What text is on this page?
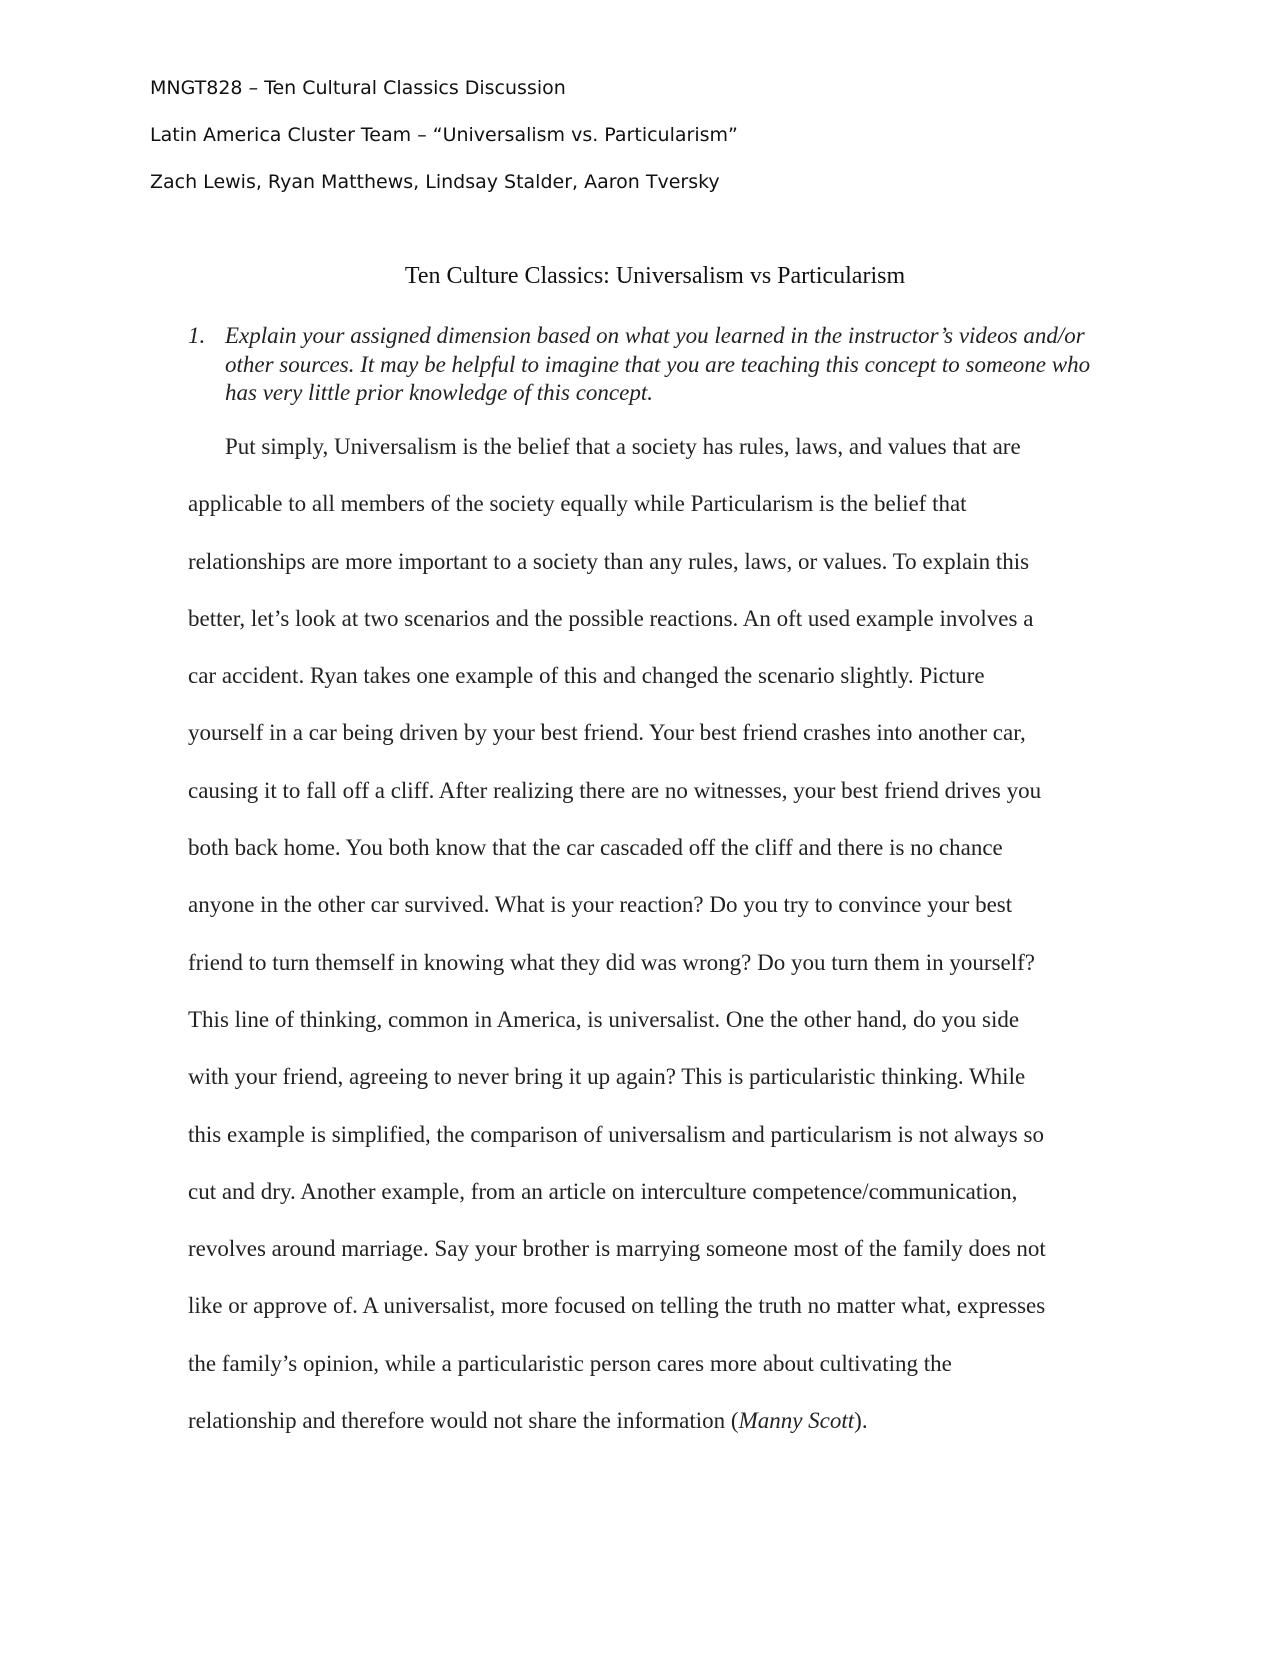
MNGT828 – Ten Cultural Classics Discussion
Latin America Cluster Team – “Universalism vs. Particularism”
Zach Lewis, Ryan Matthews, Lindsay Stalder, Aaron Tversky
Ten Culture Classics: Universalism vs Particularism
1. Explain your assigned dimension based on what you learned in the instructor’s videos and/or other sources. It may be helpful to imagine that you are teaching this concept to someone who has very little prior knowledge of this concept.
Put simply, Universalism is the belief that a society has rules, laws, and values that are
applicable to all members of the society equally while Particularism is the belief that
relationships are more important to a society than any rules, laws, or values. To explain this
better, let’s look at two scenarios and the possible reactions. An oft used example involves a
car accident. Ryan takes one example of this and changed the scenario slightly. Picture
yourself in a car being driven by your best friend. Your best friend crashes into another car,
causing it to fall off a cliff. After realizing there are no witnesses, your best friend drives you
both back home. You both know that the car cascaded off the cliff and there is no chance
anyone in the other car survived. What is your reaction? Do you try to convince your best
friend to turn themself in knowing what they did was wrong? Do you turn them in yourself?
This line of thinking, common in America, is universalist. One the other hand, do you side
with your friend, agreeing to never bring it up again? This is particularistic thinking. While
this example is simplified, the comparison of universalism and particularism is not always so
cut and dry. Another example, from an article on interculture competence/communication,
revolves around marriage. Say your brother is marrying someone most of the family does not
like or approve of. A universalist, more focused on telling the truth no matter what, expresses
the family’s opinion, while a particularistic person cares more about cultivating the
relationship and therefore would not share the information (Manny Scott).
